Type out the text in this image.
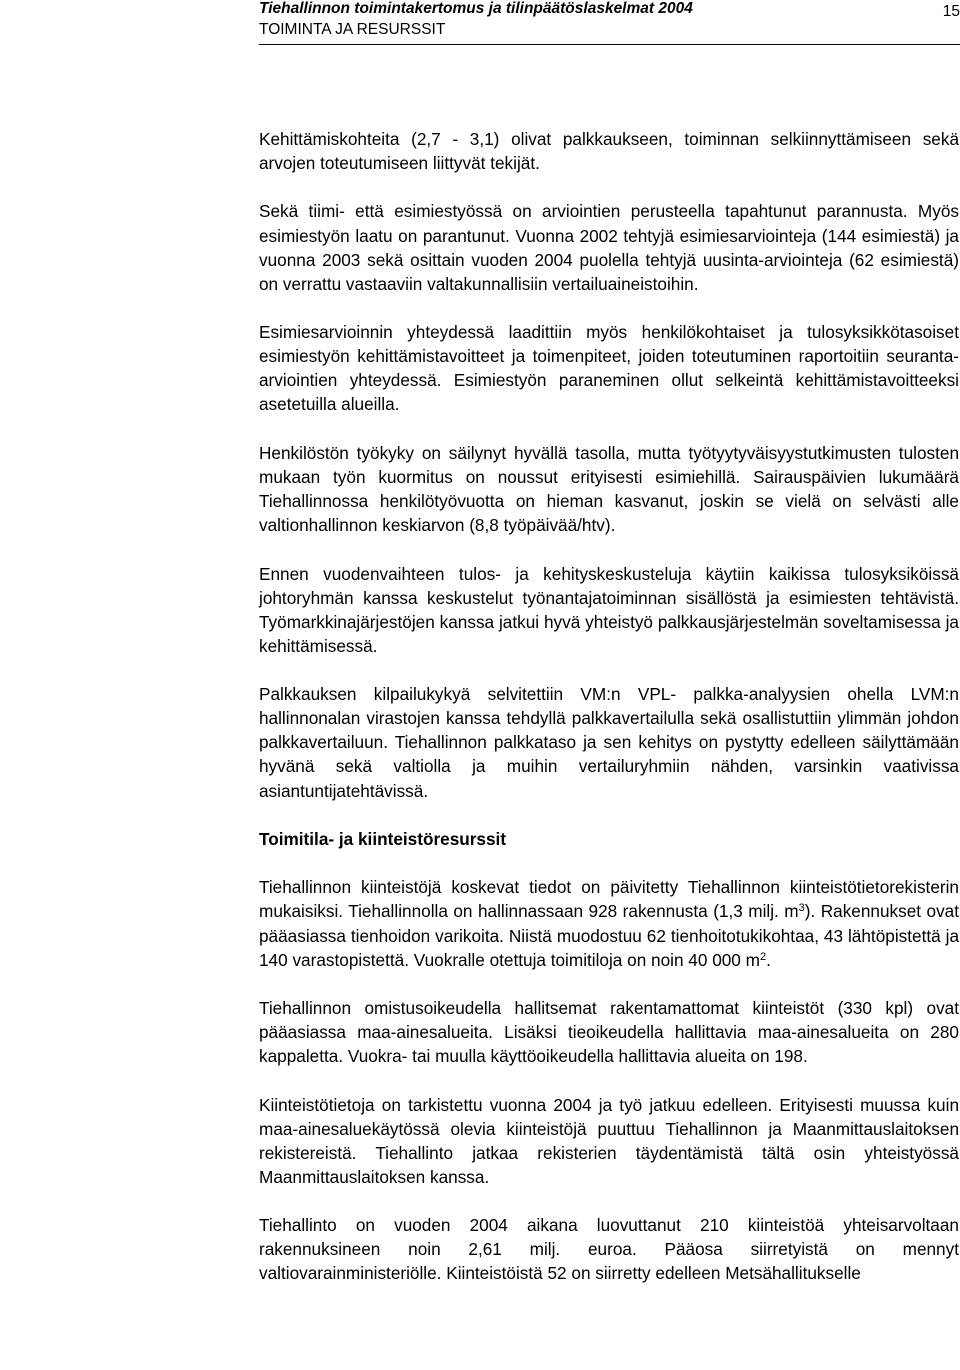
Tiehallinnon toimintakertomus ja tilinpäätöslaskelmat 2004
TOIMINTA JA RESURSSIT
15

Kehittämiskohteita (2,7 - 3,1) olivat palkkaukseen, toiminnan selkiinnyttämiseen sekä arvojen toteutumiseen liittyvät tekijät.

Sekä tiimi- että esimiestyössä on arviointien perusteella tapahtunut parannusta. Myös esimiestyön laatu on parantunut. Vuonna 2002 tehtyjä esimiesarviointeja (144 esimiestä) ja vuonna 2003 sekä osittain vuoden 2004 puolella tehtyjä uusinta-arviointeja (62 esimiestä) on verrattu vastaaviin valtakunnallisiin vertailuaineistoihin.

Esimiesarvioinnin yhteydessä laadittiin myös henkilökohtaiset ja tulosyksikkötasoiset esimiestyön kehittämistavoitteet ja toimenpiteet, joiden toteutuminen raportoitiin seuranta-arviointien yhteydessä. Esimiestyön paraneminen ollut selkeintä kehittämistavoitteeksi asetetuilla alueilla.

Henkilöstön työkyky on säilynyt hyvällä tasolla, mutta työtyytyväisyystutkimusten tulosten mukaan työn kuormitus on noussut erityisesti esimiehillä. Sairauspäivien lukumäärä Tiehallinnossa henkilötyövuotta on hieman kasvanut, joskin se vielä on selvästi alle valtionhallinnon keskiarvon (8,8 työpäivää/htv).

Ennen vuodenvaihteen tulos- ja kehityskeskusteluja käytiin kaikissa tulosyksiköissä johtoryhmän kanssa keskustelut työnantajatoiminnan sisällöstä ja esimiesten tehtävistä. Työmarkkinajärjestöjen kanssa jatkui hyvä yhteistyö palkkausjärjestelmän soveltamisessa ja kehittämisessä.

Palkkauksen kilpailukykyä selvitettiin VM:n VPL- palkka-analyysien ohella LVM:n hallinnonalan virastojen kanssa tehdyllä palkkavertailulla sekä osallistuttiin ylimmän johdon palkkavertailuun. Tiehallinnon palkkataso ja sen kehitys on pystytty edelleen säilyttämään hyvänä sekä valtiolla ja muihin vertailuryhmiin nähden, varsinkin vaativissa asiantuntijatehtävissä.

Toimitila- ja kiinteistöresurssit

Tiehallinnon kiinteistöjä koskevat tiedot on päivitetty Tiehallinnon kiinteistötietorekisterin mukaisiksi. Tiehallinnolla on hallinnassaan 928 rakennusta (1,3 milj. $m^3$). Rakennukset ovat pääasiassa tienhoidon varikoita. Niistä muodostuu 62 tienhoitotukikohtaa, 43 lähtöpistettä ja 140 varastopistettä. Vuokralle otettuja toimitiloja on noin 40 000 $m^2$.

Tiehallinnon omistusoikeudella hallitsemat rakentamattomat kiinteistöt (330 kpl) ovat pääasiassa maa-ainesalueita. Lisäksi tieoikeudella hallittavia maa-ainesalueita on 280 kappaletta. Vuokra- tai muulla käyttöoikeudella hallittavia alueita on 198.

Kiinteistötietoja on tarkistettu vuonna 2004 ja työ jatkuu edelleen. Erityisesti muussa kuin maa-ainesaluekäytössä olevia kiinteistöjä puuttuu Tiehallinnon ja Maanmittauslaitoksen rekistereistä. Tiehallinto jatkaa rekisterien täydentämistä tältä osin yhteistyössä Maanmittauslaitoksen kanssa.

Tiehallinto on vuoden 2004 aikana luovuttanut 210 kiinteistöä yhteisarvoltaan rakennuksineen noin 2,61 milj. euroa. Pääosa siirretyistä on mennyt valtiovarainministeriölle. Kiinteistöistä 52 on siirretty edelleen Metsähallitukselle
